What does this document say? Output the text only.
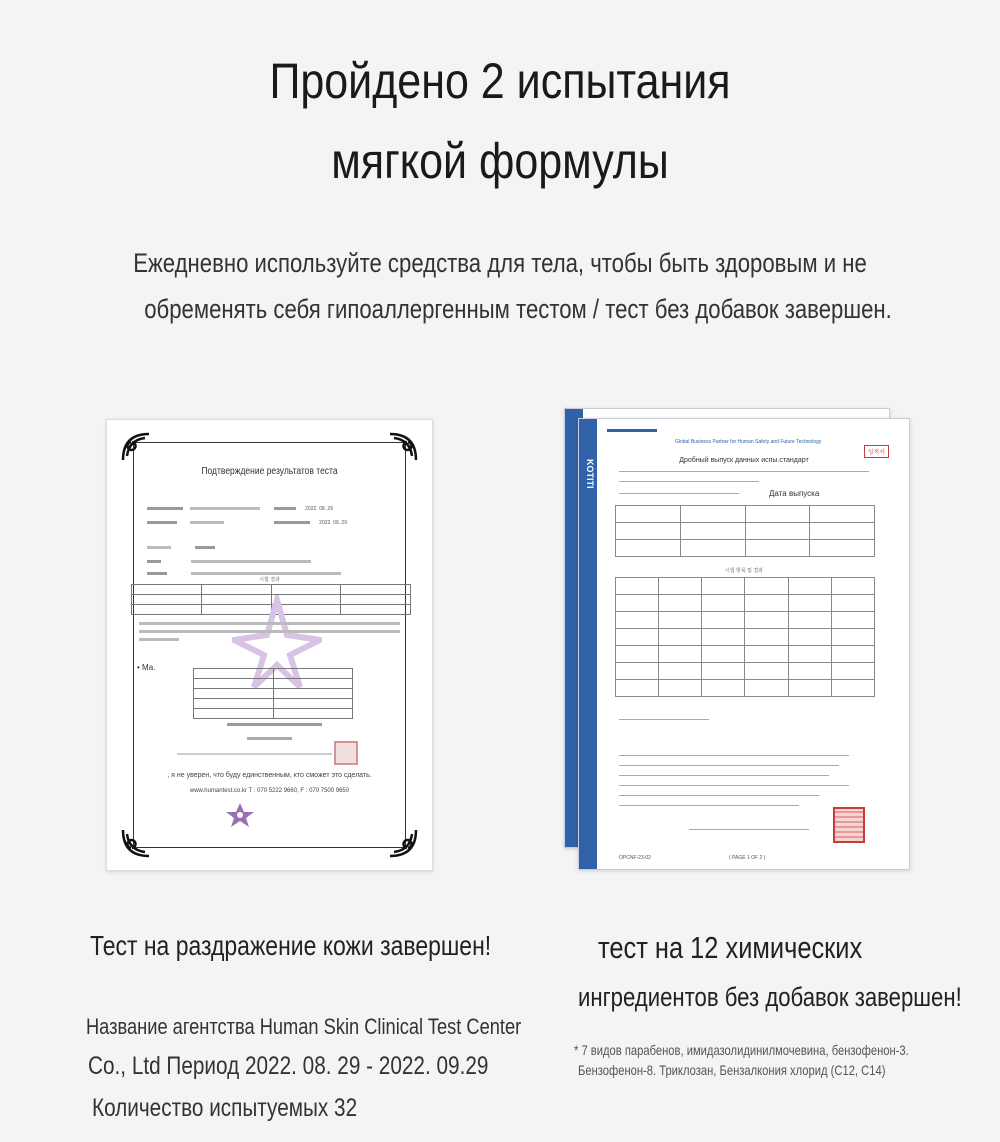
Пройдено 2 испытания
мягкой формулы
Ежедневно используйте средства для тела, чтобы быть здоровым и не
обременять себя гипоаллергенным тестом / тест без добавок завершен.
Подтверждение результатов теста
2022. 08. 29
2022. 09. 29
시험 결과

• Ма.

, я не уверен, что буду единственным, кто сможет это сделать.
www.humantest.co.kr T : 070 5222 9660, F : 070 7500 9650
KOTITI
Global Business Partner for Human Safety and Future Technology
성적서
Дробный выпуск данных испы.стандарт
Дата выпуска

시험 항목 및 결과

OPCNF-23-02	( PAGE 1 OF 2 )
Тест на раздражение кожи завершен!
Название агентства Human Skin Clinical Test Center
Co., Ltd Период 2022. 08. 29 - 2022. 09.29
Количество испытуемых 32
тест на 12 химических
ингредиентов без добавок завершен!
* 7 видов парабенов, имидазолидинилмочевина, бензофенон-3.
Бензофенон-8. Триклозан, Бензалкония хлорид (С12, С14)
